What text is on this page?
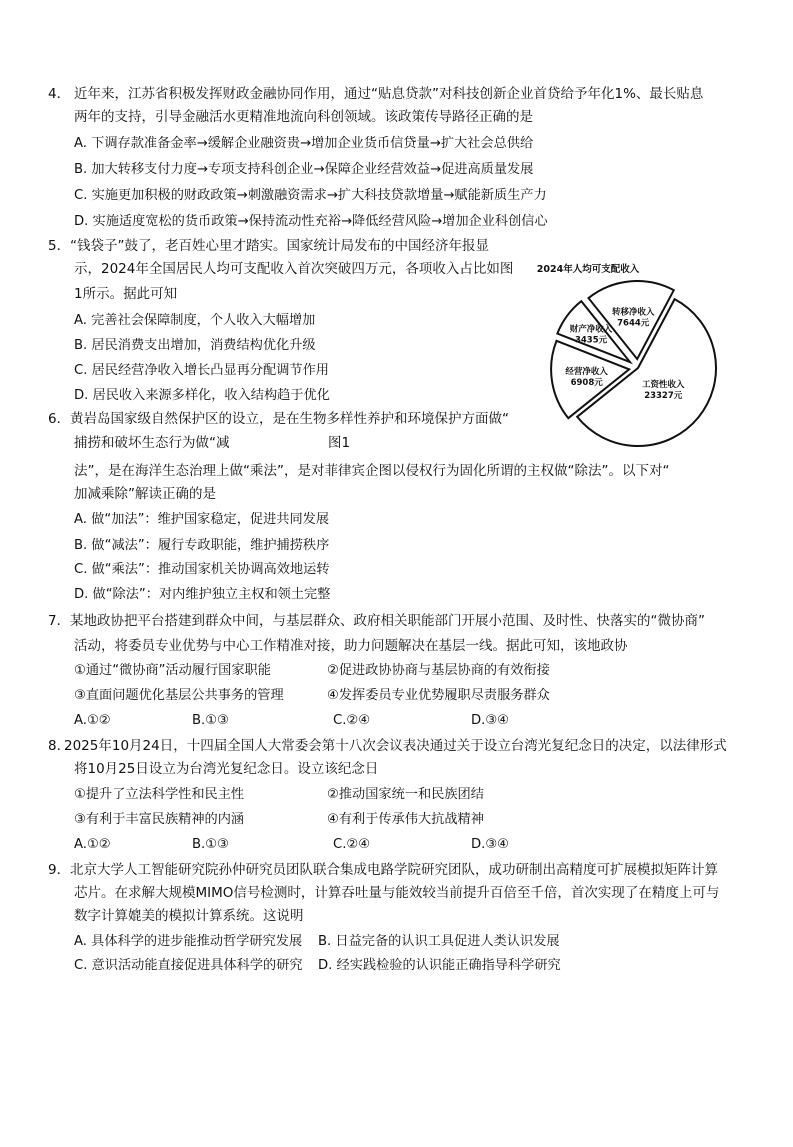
4． 近年来，江苏省积极发挥财政金融协同作用，通过“贴息贷款”对科技创新企业首贷给予年化1%、最长贴息
两年的支持，引导金融活水更精准地流向科创领域。该政策传导路径正确的是
A. 下调存款准备金率→缓解企业融资贵→增加企业货币信贷量→扩大社会总供给
B. 加大转移支付力度→专项支持科创企业→保障企业经营效益→促进高质量发展
C. 实施更加积极的财政政策→刺激融资需求→扩大科技贷款增量→赋能新质生产力
D. 实施适度宽松的货币政策→保持流动性充裕→降低经营风险→增加企业科创信心
5． “钱袋子”鼓了，老百姓心里才踏实。国家统计局发布的中国经济年报显
示，2024年全国居民人均可支配收入首次突破四万元，各项收入占比如图
1所示。据此可知
A. 完善社会保障制度，个人收入大幅增加
B. 居民消费支出增加，消费结构优化升级
C. 居民经营净收入增长凸显再分配调节作用
D. 居民收入来源多样化，收入结构趋于优化
2024年人均可支配收入
工资性收入
23327元
经营净收入
6908元
财产净收入
3435元
转移净收入
7644元
6． 黄岩岛国家级自然保护区的设立，是在生物多样性养护和环境保护方面做“
捕捞和破坏生态行为做“减	图1
法”，是在海洋生态治理上做“乘法”，是对菲律宾企图以侵权行为固化所谓的主权做“除法”。以下对“
加减乘除”解读正确的是
A. 做“加法”：维护国家稳定，促进共同发展
B. 做“减法”：履行专政职能，维护捕捞秩序
C. 做“乘法”：推动国家机关协调高效地运转
D. 做“除法”：对内维护独立主权和领土完整
7． 某地政协把平台搭建到群众中间，与基层群众、政府相关职能部门开展小范围、及时性、快落实的“微协商”
活动，将委员专业优势与中心工作精准对接，助力问题解决在基层一线。据此可知，该地政协
①通过“微协商”活动履行国家职能	②促进政协协商与基层协商的有效衔接
③直面问题优化基层公共事务的管理	④发挥委员专业优势履职尽责服务群众
A.①②	B.①③	C.②④	D.③④
8. 2025年10月24日，十四届全国人大常委会第十八次会议表决通过关于设立台湾光复纪念日的决定，以法律形式
将10月25日设立为台湾光复纪念日。设立该纪念日
①提升了立法科学性和民主性	②推动国家统一和民族团结
③有利于丰富民族精神的内涵	④有利于传承伟大抗战精神
A.①②	B.①③	C.②④	D.③④
9． 北京大学人工智能研究院孙仲研究员团队联合集成电路学院研究团队，成功研制出高精度可扩展模拟矩阵计算
芯片。在求解大规模MIMO信号检测时，计算吞吐量与能效较当前提升百倍至千倍，首次实现了在精度上可与
数字计算媲美的模拟计算系统。这说明
A. 具体科学的进步能推动哲学研究发展 B. 日益完备的认识工具促进人类认识发展
C. 意识活动能直接促进具体科学的研究 D. 经实践检验的认识能正确指导科学研究
